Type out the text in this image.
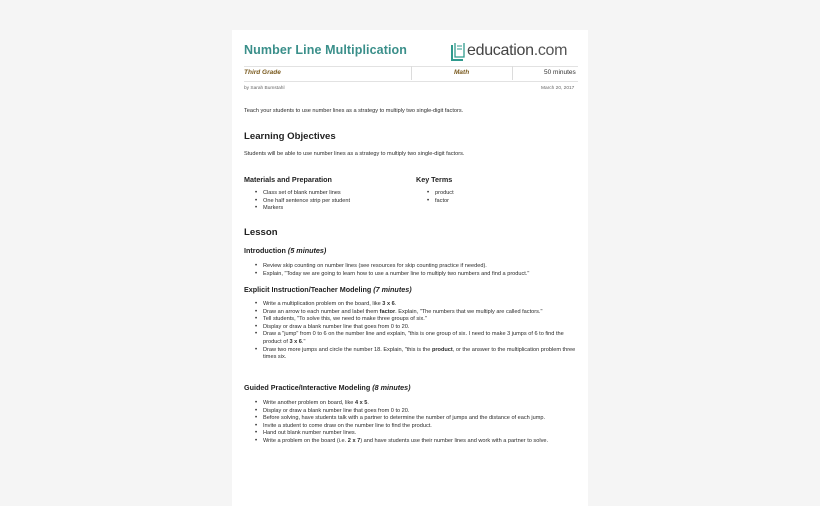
Number Line Multiplication	education.com
Third Grade	Math	50 minutes
by Sarah Bumstahl	March 20, 2017
Teach your students to use number lines as a strategy to multiply two single-digit factors.
Learning Objectives
Students will be able to use number lines as a strategy to multiply two single-digit factors.
Materials and Preparation
• Class set of blank number lines
• One half sentence strip per student
• Markers
Key Terms
• product
• factor
Lesson
Introduction (5 minutes)
• Review skip counting on number lines (see resources for skip counting practice if needed).
• Explain, "Today we are going to learn how to use a number line to multiply two numbers and find a product."
Explicit Instruction/Teacher Modeling (7 minutes)
• Write a multiplication problem on the board, like 3 x 6.
• Draw an arrow to each number and label them factor. Explain, "The numbers that we multiply are called factors."
• Tell students, "To solve this, we need to make three groups of six."
• Display or draw a blank number line that goes from 0 to 20.
• Draw a "jump" from 0 to 6 on the number line and explain, "this is one group of six. I need to make 3 jumps of 6 to find the product of 3 x 6."
• Draw two more jumps and circle the number 18. Explain, "this is the product, or the answer to the multiplication problem three times six.
Guided Practice/Interactive Modeling (8 minutes)
• Write another problem on board, like 4 x 5.
• Display or draw a blank number line that goes from 0 to 20.
• Before solving, have students talk with a partner to determine the number of jumps and the distance of each jump.
• Invite a student to come draw on the number line to find the product.
• Hand out blank number number lines.
• Write a problem on the board (i.e. 2 x 7) and have students use their number lines and work with a partner to solve.
